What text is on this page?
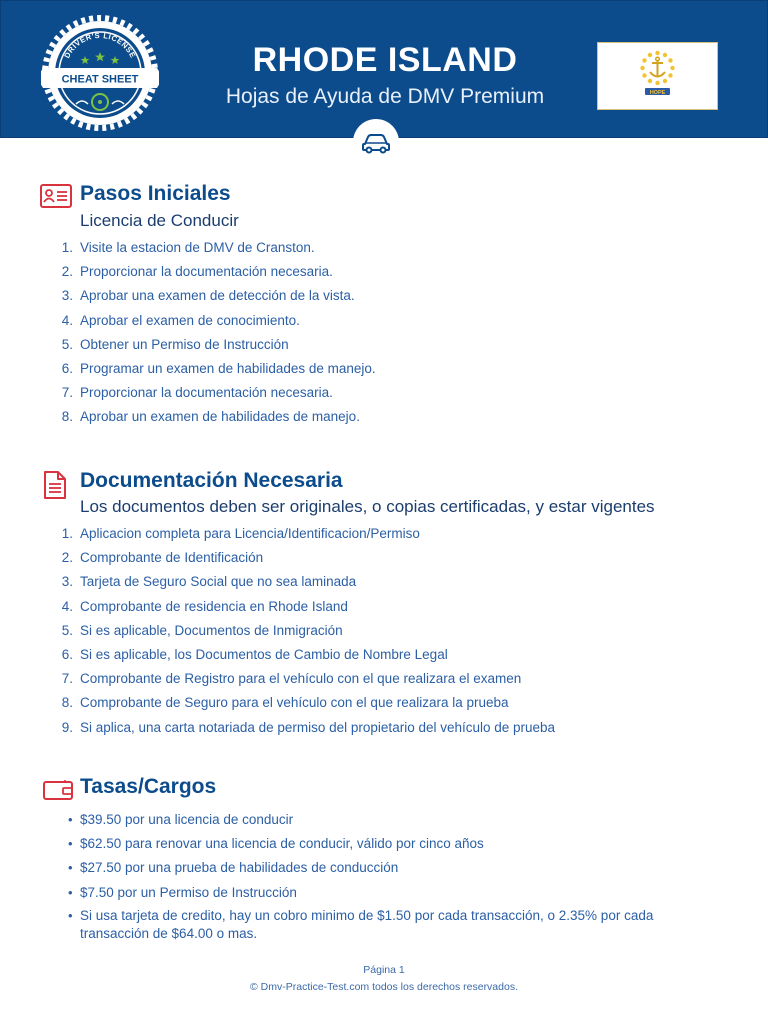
DRIVER'S LICENSE
CHEAT SHEET
RHODE ISLAND
Hojas de Ayuda de DMV Premium	HOPE
Pasos Iniciales
Licencia de Conducir
1. Visite la estacion de DMV de Cranston.
2. Proporcionar la documentación necesaria.
3. Aprobar una examen de detección de la vista.
4. Aprobar el examen de conocimiento.
5. Obtener un Permiso de Instrucción
6. Programar un examen de habilidades de manejo.
7. Proporcionar la documentación necesaria.
8. Aprobar un examen de habilidades de manejo.
Documentación Necesaria
Los documentos deben ser originales, o copias certificadas, y estar vigentes
1. Aplicacion completa para Licencia/Identificacion/Permiso
2. Comprobante de Identificación
3. Tarjeta de Seguro Social que no sea laminada
4. Comprobante de residencia en Rhode Island
5. Si es aplicable, Documentos de Inmigración
6. Si es aplicable, los Documentos de Cambio de Nombre Legal
7. Comprobante de Registro para el vehículo con el que realizara el examen
8. Comprobante de Seguro para el vehículo con el que realizara la prueba
9. Si aplica, una carta notariada de permiso del propietario del vehículo de prueba
Tasas/Cargos
• $39.50 por una licencia de conducir
• $62.50 para renovar una licencia de conducir, válido por cinco años
• $27.50 por una prueba de habilidades de conducción
• $7.50 por un Permiso de Instrucción
• Si usa tarjeta de credito, hay un cobro minimo de $1.50 por cada transacción, o 2.35% por cada transacción de $64.00 o mas.
Página 1
© Dmv-Practice-Test.com todos los derechos reservados.
